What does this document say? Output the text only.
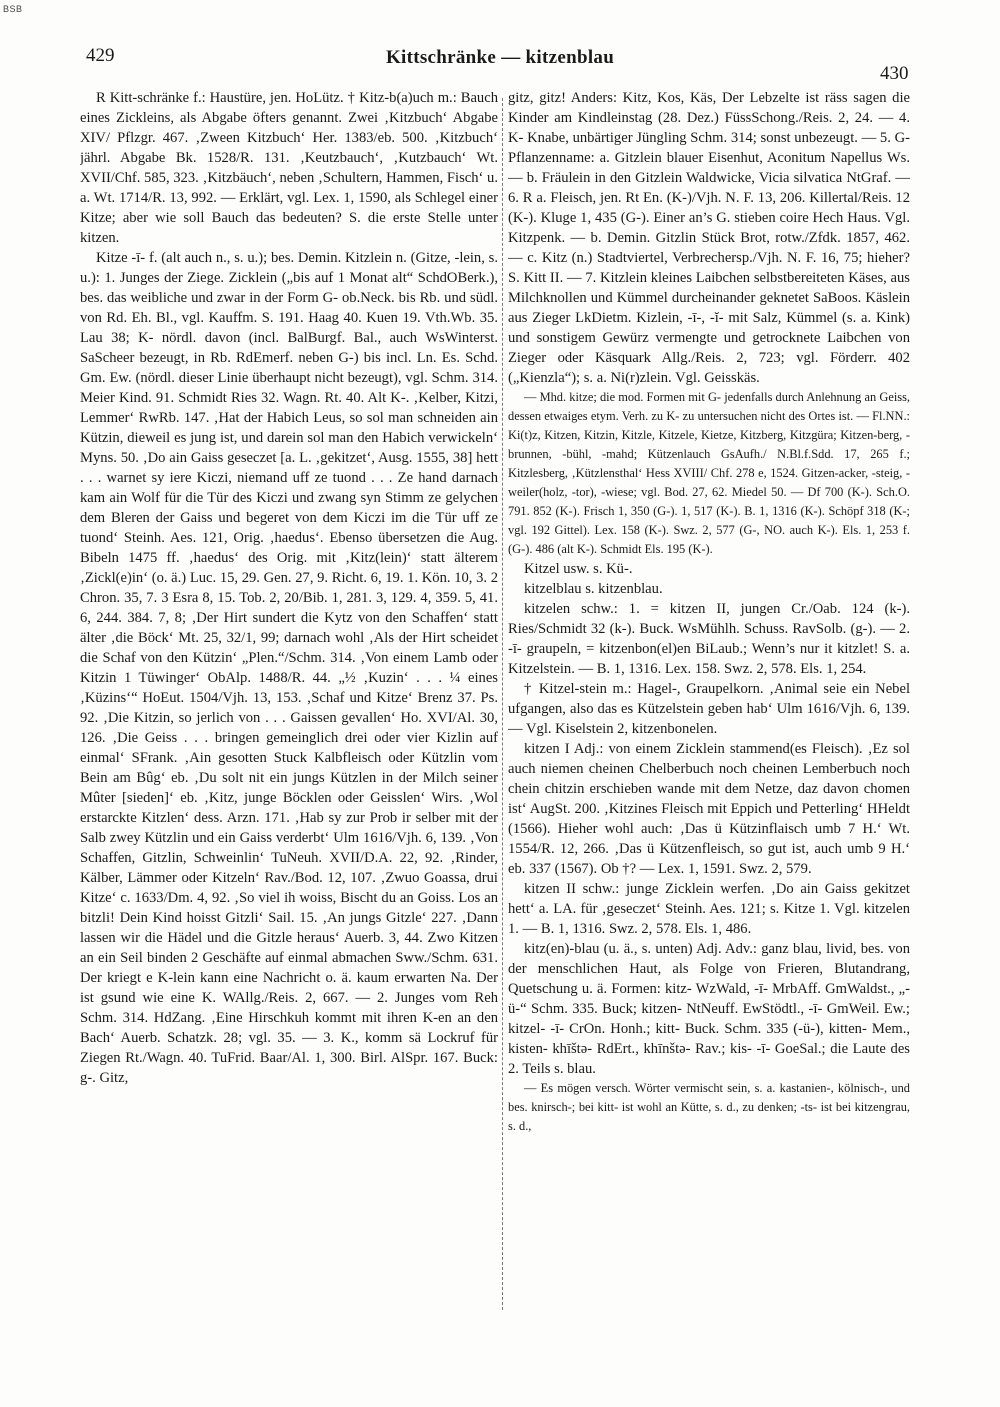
BSB
429	Kittschränke — kitzenblau
430

R Kitt-schränke f.: Haustüre, jen. HoLütz. † Kitz-b(a)uch m.: Bauch eines Zickleins, als Abgabe öfters genannt. Zwei ‚Kitzbuch‘ Abgabe XIV/ Pflzgr. 467. ‚Zween Kitzbuch‘ Her. 1383/eb. 500. ‚Kitzbuch‘ jährl. Abgabe Bk. 1528/R. 131. ‚Keutzbauch‘, ‚Kutzbauch‘ Wt. XVII/Chf. 585, 323. ‚Kitzbäuch‘, neben ‚Schultern, Hammen, Fisch‘ u. a. Wt. 1714/R. 13, 992. — Erklärt, vgl. Lex. 1, 1590, als Schlegel einer Kitze; aber wie soll Bauch das bedeuten? S. die erste Stelle unter kitzen.

Kitze -ī- f. (alt auch n., s. u.); bes. Demin. Kitzlein n. (Gitze, -lein, s. u.): 1. Junges der Ziege. Zicklein („bis auf 1 Monat alt“ SchdOBerk.), bes. das weibliche und zwar in der Form G- ob.Neck. bis Rb. und südl. von Rd. Eh. Bl., vgl. Kauffm. S. 191. Haag 40. Kuen 19. Vth.Wb. 35. Lau 38; K- nördl. davon (incl. BalBurgf. Bal., auch WsWinterst. SaScheer bezeugt, in Rb. RdEmerf. neben G-) bis incl. Ln. Es. Schd. Gm. Ew. (nördl. dieser Linie überhaupt nicht bezeugt), vgl. Schm. 314. Meier Kind. 91. Schmidt Ries 32. Wagn. Rt. 40. Alt K-. ‚Kelber, Kitzi, Lemmer‘ RwRb. 147. ‚Hat der Habich Leus, so sol man schneiden ain Kützin, dieweil es jung ist, und darein sol man den Habich verwickeln‘ Myns. 50. ‚Do ain Gaiss geseczet [a. L. ‚gekitzet‘, Ausg. 1555, 38] hett . . . warnet sy iere Kiczi, niemand uff ze tuond . . . Ze hand darnach kam ain Wolf für die Tür des Kiczi und zwang syn Stimm ze gelychen dem Bleren der Gaiss und begeret von dem Kiczi im die Tür uff ze tuond‘ Steinh. Aes. 121, Orig. ‚haedus‘. Ebenso übersetzen die Aug. Bibeln 1475 ff. ‚haedus‘ des Orig. mit ‚Kitz(lein)‘ statt älterem ‚Zickl(e)in‘ (o. ä.) Luc. 15, 29. Gen. 27, 9. Richt. 6, 19. 1. Kön. 10, 3. 2 Chron. 35, 7. 3 Esra 8, 15. Tob. 2, 20/Bib. 1, 281. 3, 129. 4, 359. 5, 41. 6, 244. 384. 7, 8; ‚Der Hirt sundert die Kytz von den Schaffen‘ statt älter ‚die Böck‘ Mt. 25, 32/1, 99; darnach wohl ‚Als der Hirt scheidet die Schaf von den Kützin‘ „Plen.“/Schm. 314. ‚Von einem Lamb oder Kitzin 1 Tüwinger‘ ObAlp. 1488/R. 44. „½ ‚Kuzin‘ . . . ¼ eines ‚Küzins‘“ HoEut. 1504/Vjh. 13, 153. ‚Schaf und Kitze‘ Brenz 37. Ps. 92. ‚Die Kitzin, so jerlich von . . . Gaissen gevallen‘ Ho. XVI/Al. 30, 126. ‚Die Geiss . . . bringen gemeinglich drei oder vier Kizlin auf einmal‘ SFrank. ‚Ain gesotten Stuck Kalbfleisch oder Kützlin vom Bein am Bûg‘ eb. ‚Du solt nit ein jungs Kützlen in der Milch seiner Mûter [sieden]‘ eb. ‚Kitz, junge Böcklen oder Geisslen‘ Wirs. ‚Wol erstarckte Kitzlen‘ dess. Arzn. 171. ‚Hab sy zur Prob ir selber mit der Salb zwey Kützlin und ein Gaiss verderbt‘ Ulm 1616/Vjh. 6, 139. ‚Von Schaffen, Gitzlin, Schweinlin‘ TuNeuh. XVII/D.A. 22, 92. ‚Rinder, Kälber, Lämmer oder Kitzeln‘ Rav./Bod. 12, 107. ‚Zwuo Goassa, drui Kitze‘ c. 1633/Dm. 4, 92. ‚So viel ih woiss, Bischt du an Goiss. Los an bitzli! Dein Kind hoisst Gitzli‘ Sail. 15. ‚An jungs Gitzle‘ 227. ‚Dann lassen wir die Hädel und die Gitzle heraus‘ Auerb. 3, 44. Zwo Kitzen an ein Seil binden 2 Geschäfte auf einmal abmachen Sww./Schm. 631. Der kriegt e K-lein kann eine Nachricht o. ä. kaum erwarten Na. Der ist gsund wie eine K. WAllg./Reis. 2, 667. — 2. Junges vom Reh Schm. 314. HdZang. ‚Eine Hirschkuh kommt mit ihren K-en an den Bach‘ Auerb. Schatzk. 28; vgl. 35. — 3. K., komm sä Lockruf für Ziegen Rt./Wagn. 40. TuFrid. Baar/Al. 1, 300. Birl. AlSpr. 167. Buck: g-. Gitz,

gitz, gitz! Anders: Kitz, Kos, Käs, Der Lebzelte ist räss sagen die Kinder am Kindleinstag (28. Dez.) FüssSchong./Reis. 2, 24. — 4. K- Knabe, unbärtiger Jüngling Schm. 314; sonst unbezeugt. — 5. G- Pflanzenname: a. Gitzlein blauer Eisenhut, Aconitum Napellus Ws. — b. Fräulein in den Gitzlein Waldwicke, Vicia silvatica NtGraf. — 6. R a. Fleisch, jen. Rt En. (K-)/Vjh. N. F. 13, 206. Killertal/Reis. 12 (K-). Kluge 1, 435 (G-). Einer an’s G. stieben coire Hech Haus. Vgl. Kitzpenk. — b. Demin. Gitzlin Stück Brot, rotw./Zfdk. 1857, 462. — c. Kitz (n.) Stadtviertel, Verbrechersp./Vjh. N. F. 16, 75; hieher? S. Kitt II. — 7. Kitzlein kleines Laibchen selbstbereiteten Käses, aus Milchknollen und Kümmel durcheinander geknetet SaBoos. Käslein aus Zieger LkDietm. Kizlein, -ī-, -ĭ- mit Salz, Kümmel (s. a. Kink) und sonstigem Gewürz vermengte und getrocknete Laibchen von Zieger oder Käsquark Allg./Reis. 2, 723; vgl. Förderr. 402 („Kienzla“); s. a. Ni(r)zlein. Vgl. Geisskäs.

— Mhd. kitze; die mod. Formen mit G- jedenfalls durch Anlehnung an Geiss, dessen etwaiges etym. Verh. zu K- zu untersuchen nicht des Ortes ist. — Fl.NN.: Ki(t)z, Kitzen, Kitzin, Kitzle, Kitzele, Kietze, Kitzberg, Kitzgüra; Kitzen-berg, -brunnen, -bühl, -mahd; Kützenlauch GsAufh./ N.Bl.f.Sdd. 17, 265 f.; Kitzlesberg, ‚Kützlensthal‘ Hess XVIII/ Chf. 278 e, 1524. Gitzen-acker, -steig, -weiler(holz, -tor), -wiese; vgl. Bod. 27, 62. Miedel 50. — Df 700 (K-). Sch.O. 791. 852 (K-). Frisch 1, 350 (G-). 1, 517 (K-). B. 1, 1316 (K-). Schöpf 318 (K-; vgl. 192 Gittel). Lex. 158 (K-). Swz. 2, 577 (G-, NO. auch K-). Els. 1, 253 f. (G-). 486 (alt K-). Schmidt Els. 195 (K-).

Kitzel usw. s. Kü-.

kitzelblau s. kitzenblau.

kitzelen schw.: 1. = kitzen II, jungen Cr./Oab. 124 (k-). Ries/Schmidt 32 (k-). Buck. WsMühlh. Schuss. RavSolb. (g-). — 2. -ī- graupeln, = kitzenbon(el)en BiLaub.; Wenn’s nur it kitzlet! S. a. Kitzelstein. — B. 1, 1316. Lex. 158. Swz. 2, 578. Els. 1, 254.

† Kitzel-stein m.: Hagel-, Graupelkorn. ‚Animal seie ein Nebel ufgangen, also das es Kützelstein geben hab‘ Ulm 1616/Vjh. 6, 139. — Vgl. Kiselstein 2, kitzenbonelen.

kitzen I Adj.: von einem Zicklein stammend(es Fleisch). ‚Ez sol auch niemen cheinen Chelberbuch noch cheinen Lemberbuch noch chein chitzin erschieben wande mit dem Netze, daz davon chomen ist‘ AugSt. 200. ‚Kitzines Fleisch mit Eppich und Petterling‘ HHeldt (1566). Hieher wohl auch: ‚Das ü Kützinflaisch umb 7 H.‘ Wt. 1554/R. 12, 266. ‚Das ü Kützenfleisch, so gut ist, auch umb 9 H.‘ eb. 337 (1567). Ob †? — Lex. 1, 1591. Swz. 2, 579.

kitzen II schw.: junge Zicklein werfen. ‚Do ain Gaiss gekitzet hett‘ a. LA. für ‚geseczet‘ Steinh. Aes. 121; s. Kitze 1. Vgl. kitzelen 1. — B. 1, 1316. Swz. 2, 578. Els. 1, 486.

kitz(en)-blau (u. ä., s. unten) Adj. Adv.: ganz blau, livid, bes. von der menschlichen Haut, als Folge von Frieren, Blutandrang, Quetschung u. ä. Formen: kitz- WzWald, -ī- MrbAff. GmWaldst., „-ü-“ Schm. 335. Buck; kitzen- NtNeuff. EwStödtl., -ī- GmWeil. Ew.; kitzel- -ī- CrOn. Honh.; kitt- Buck. Schm. 335 (-ü-), kitten- Mem., kisten- khīštə- RdErt., khīnštə- Rav.; kis- -ī- GoeSal.; die Laute des 2. Teils s. blau.

— Es mögen versch. Wörter vermischt sein, s. a. kastanien-, kölnisch-, und bes. knirsch-; bei kitt- ist wohl an Kütte, s. d., zu denken; -ts- ist bei kitzengrau, s. d.,
